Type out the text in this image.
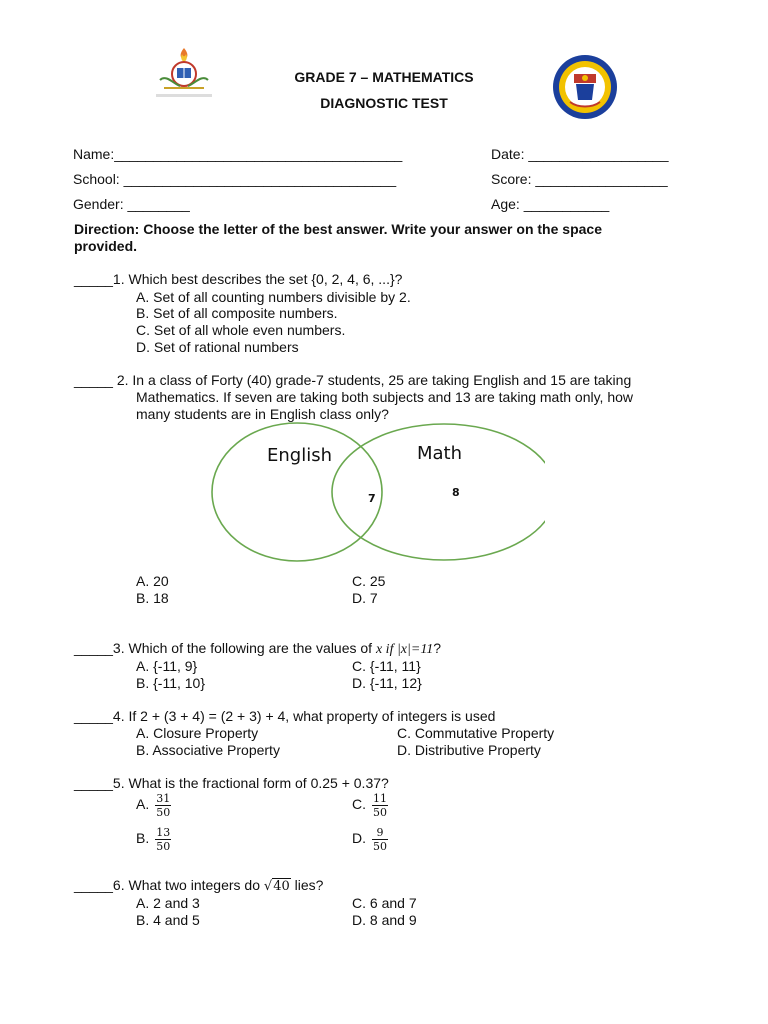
GRADE 7 – MATHEMATICS
DIAGNOSTIC TEST
Name:_____________________________________	Date: __________________
School: ___________________________________	Score: _________________
Gender: ________	Age: ___________
Direction: Choose the letter of the best answer. Write your answer on the space
provided.
_____1. Which best describes the set {0, 2, 4, 6, ...}?
A. Set of all counting numbers divisible by 2.
B. Set of all composite numbers.
C. Set of all whole even numbers.
D. Set of rational numbers
_____ 2. In a class of Forty (40) grade-7 students, 25 are taking English and 15 are taking
Mathematics. If seven are taking both subjects and 13 are taking math only, how
many students are in English class only?
English	Math
7	8
A. 20
B. 18
C. 25
D. 7
_____3. Which of the following are the values of x if |x|=11?
A. {-11, 9}
B. {-11, 10}
C. {-11, 11}
D. {-11, 12}
_____4. If 2 + (3 + 4) = (2 + 3) + 4, what property of integers is used
A. Closure Property
B. Associative Property
C. Commutative Property
D. Distributive Property
_____5. What is the fractional form of 0.25 + 0.37?
A. $\frac{31}{50}$
B. $\frac{13}{50}$
C. $\frac{11}{50}$
D. $\frac{9}{50}$
_____6. What two integers do √40 lies?
A. 2 and 3
B. 4 and 5
C. 6 and 7
D. 8 and 9
